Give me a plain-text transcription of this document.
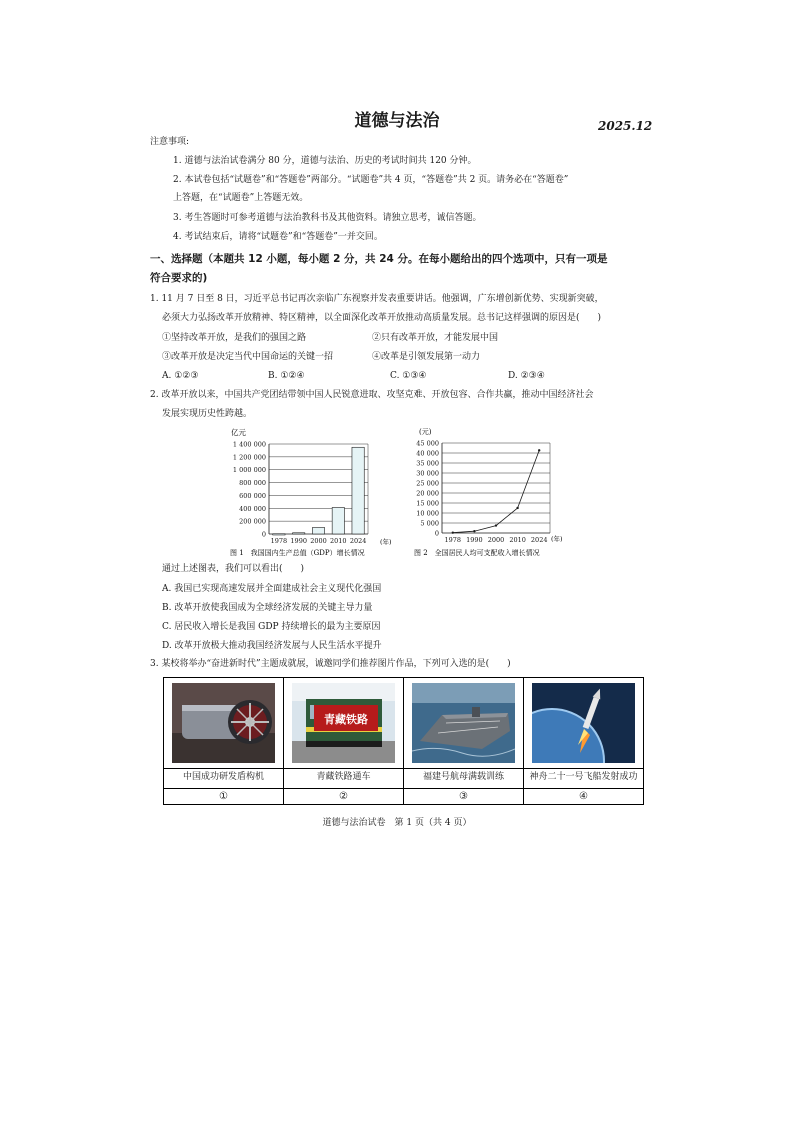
道德与法治	2025.12
注意事项:
1. 道德与法治试卷满分 80 分，道德与法治、历史的考试时间共 120 分钟。
2. 本试卷包括“试题卷”和“答题卷”两部分。“试题卷”共 4 页，“答题卷”共 2 页。请务必在“答题卷”
上答题，在“试题卷”上答题无效。
3. 考生答题时可参考道德与法治教科书及其他资料。请独立思考，诚信答题。
4. 考试结束后，请将“试题卷”和“答题卷”一并交回。
一、选择题（本题共 12 小题，每小题 2 分，共 24 分。在每小题给出的四个选项中，只有一项是
符合要求的)
1. 11 月 7 日至 8 日，习近平总书记再次亲临广东视察并发表重要讲话。他强调，广东增创新优势、实现新突破，
必须大力弘扬改革开放精神、特区精神，以全面深化改革开放推动高质量发展。总书记这样强调的原因是(　　)
①坚持改革开放，是我们的强国之路	②只有改革开放，才能发展中国
③改革开放是决定当代中国命运的关键一招	④改革是引领发展第一动力
A. ①②③	B. ①②④	C. ①③④	D. ②③④
2. 改革开放以来，中国共产党团结带领中国人民锐意进取、攻坚克难、开放包容、合作共赢，推动中国经济社会
发展实现历史性跨越。
亿元
0
200 000
400 000
600 000
800 000
1 000 000
1 200 000
1 400 000
1978 1990 2000 2010 2024 (年)
图 1　我国国内生产总值（GDP）增长情况
(元)
0
5 000
10 000
15 000
20 000
25 000
30 000
35 000
40 000
45 000
1978 1990 2000 2010 2024 (年)
图 2　全国居民人均可支配收入增长情况
通过上述图表，我们可以看出(　　)
A. 我国已实现高速发展并全面建成社会主义现代化强国
B. 改革开放使我国成为全球经济发展的关键主导力量
C. 居民收入增长是我国 GDP 持续增长的最为主要原因
D. 改革开放极大推动我国经济发展与人民生活水平提升
3. 某校将举办“奋进新时代”主题成就展，诚邀同学们推荐图片作品，下列可入选的是(　　)
青藏铁路
中国成功研发盾构机	青藏铁路通车	福建号航母满载训练	神舟二十一号飞船发射成功
①	②	③	④
道德与法治试卷　第 1 页（共 4 页）
